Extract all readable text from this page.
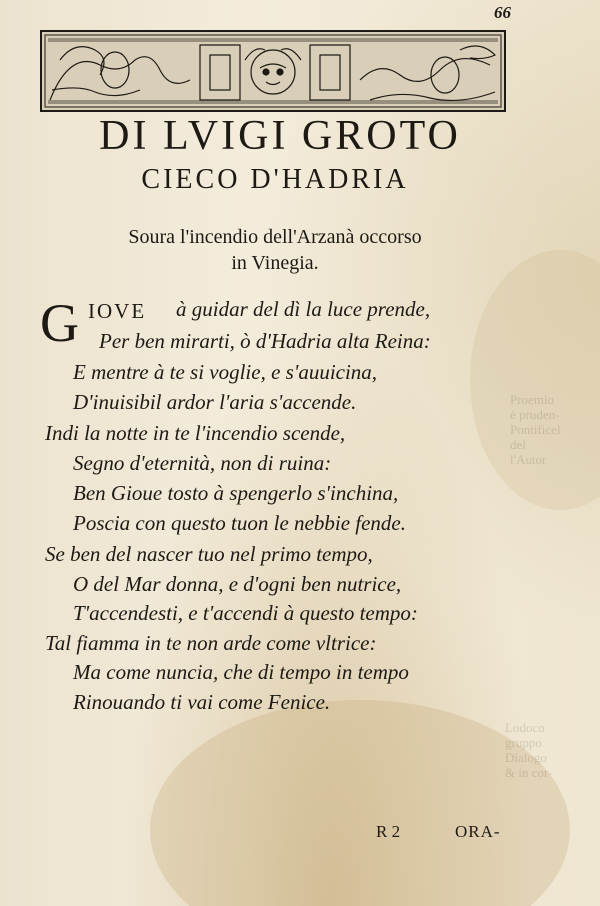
Proemio
è pruden-
Pontificel
del
l'Autor
Lodoco
gruppo
Dialogo
& in cor-
66
DI LVIGI GROTO
CIECO D'HADRIA
Soura l'incendio dell'Arzanà occorso
in Vinegia.
G IOVE à guidar del dì la luce prende,
Per ben mirarti, ò d'Hadria alta Reina:
E mentre à te si voglie, e s'auuicina,
D'inuisibil ardor l'aria s'accende.
Indi la notte in te l'incendio scende,
Segno d'eternità, non di ruina:
Ben Gioue tosto à spengerlo s'inchina,
Poscia con questo tuon le nebbie fende.
Se ben del nascer tuo nel primo tempo,
O del Mar donna, e d'ogni ben nutrice,
T'accendesti, e t'accendi à questo tempo:
Tal fiamma in te non arde come vltrice:
Ma come nuncia, che di tempo in tempo
Rinouando ti vai come Fenice.
R 2	ORA-
